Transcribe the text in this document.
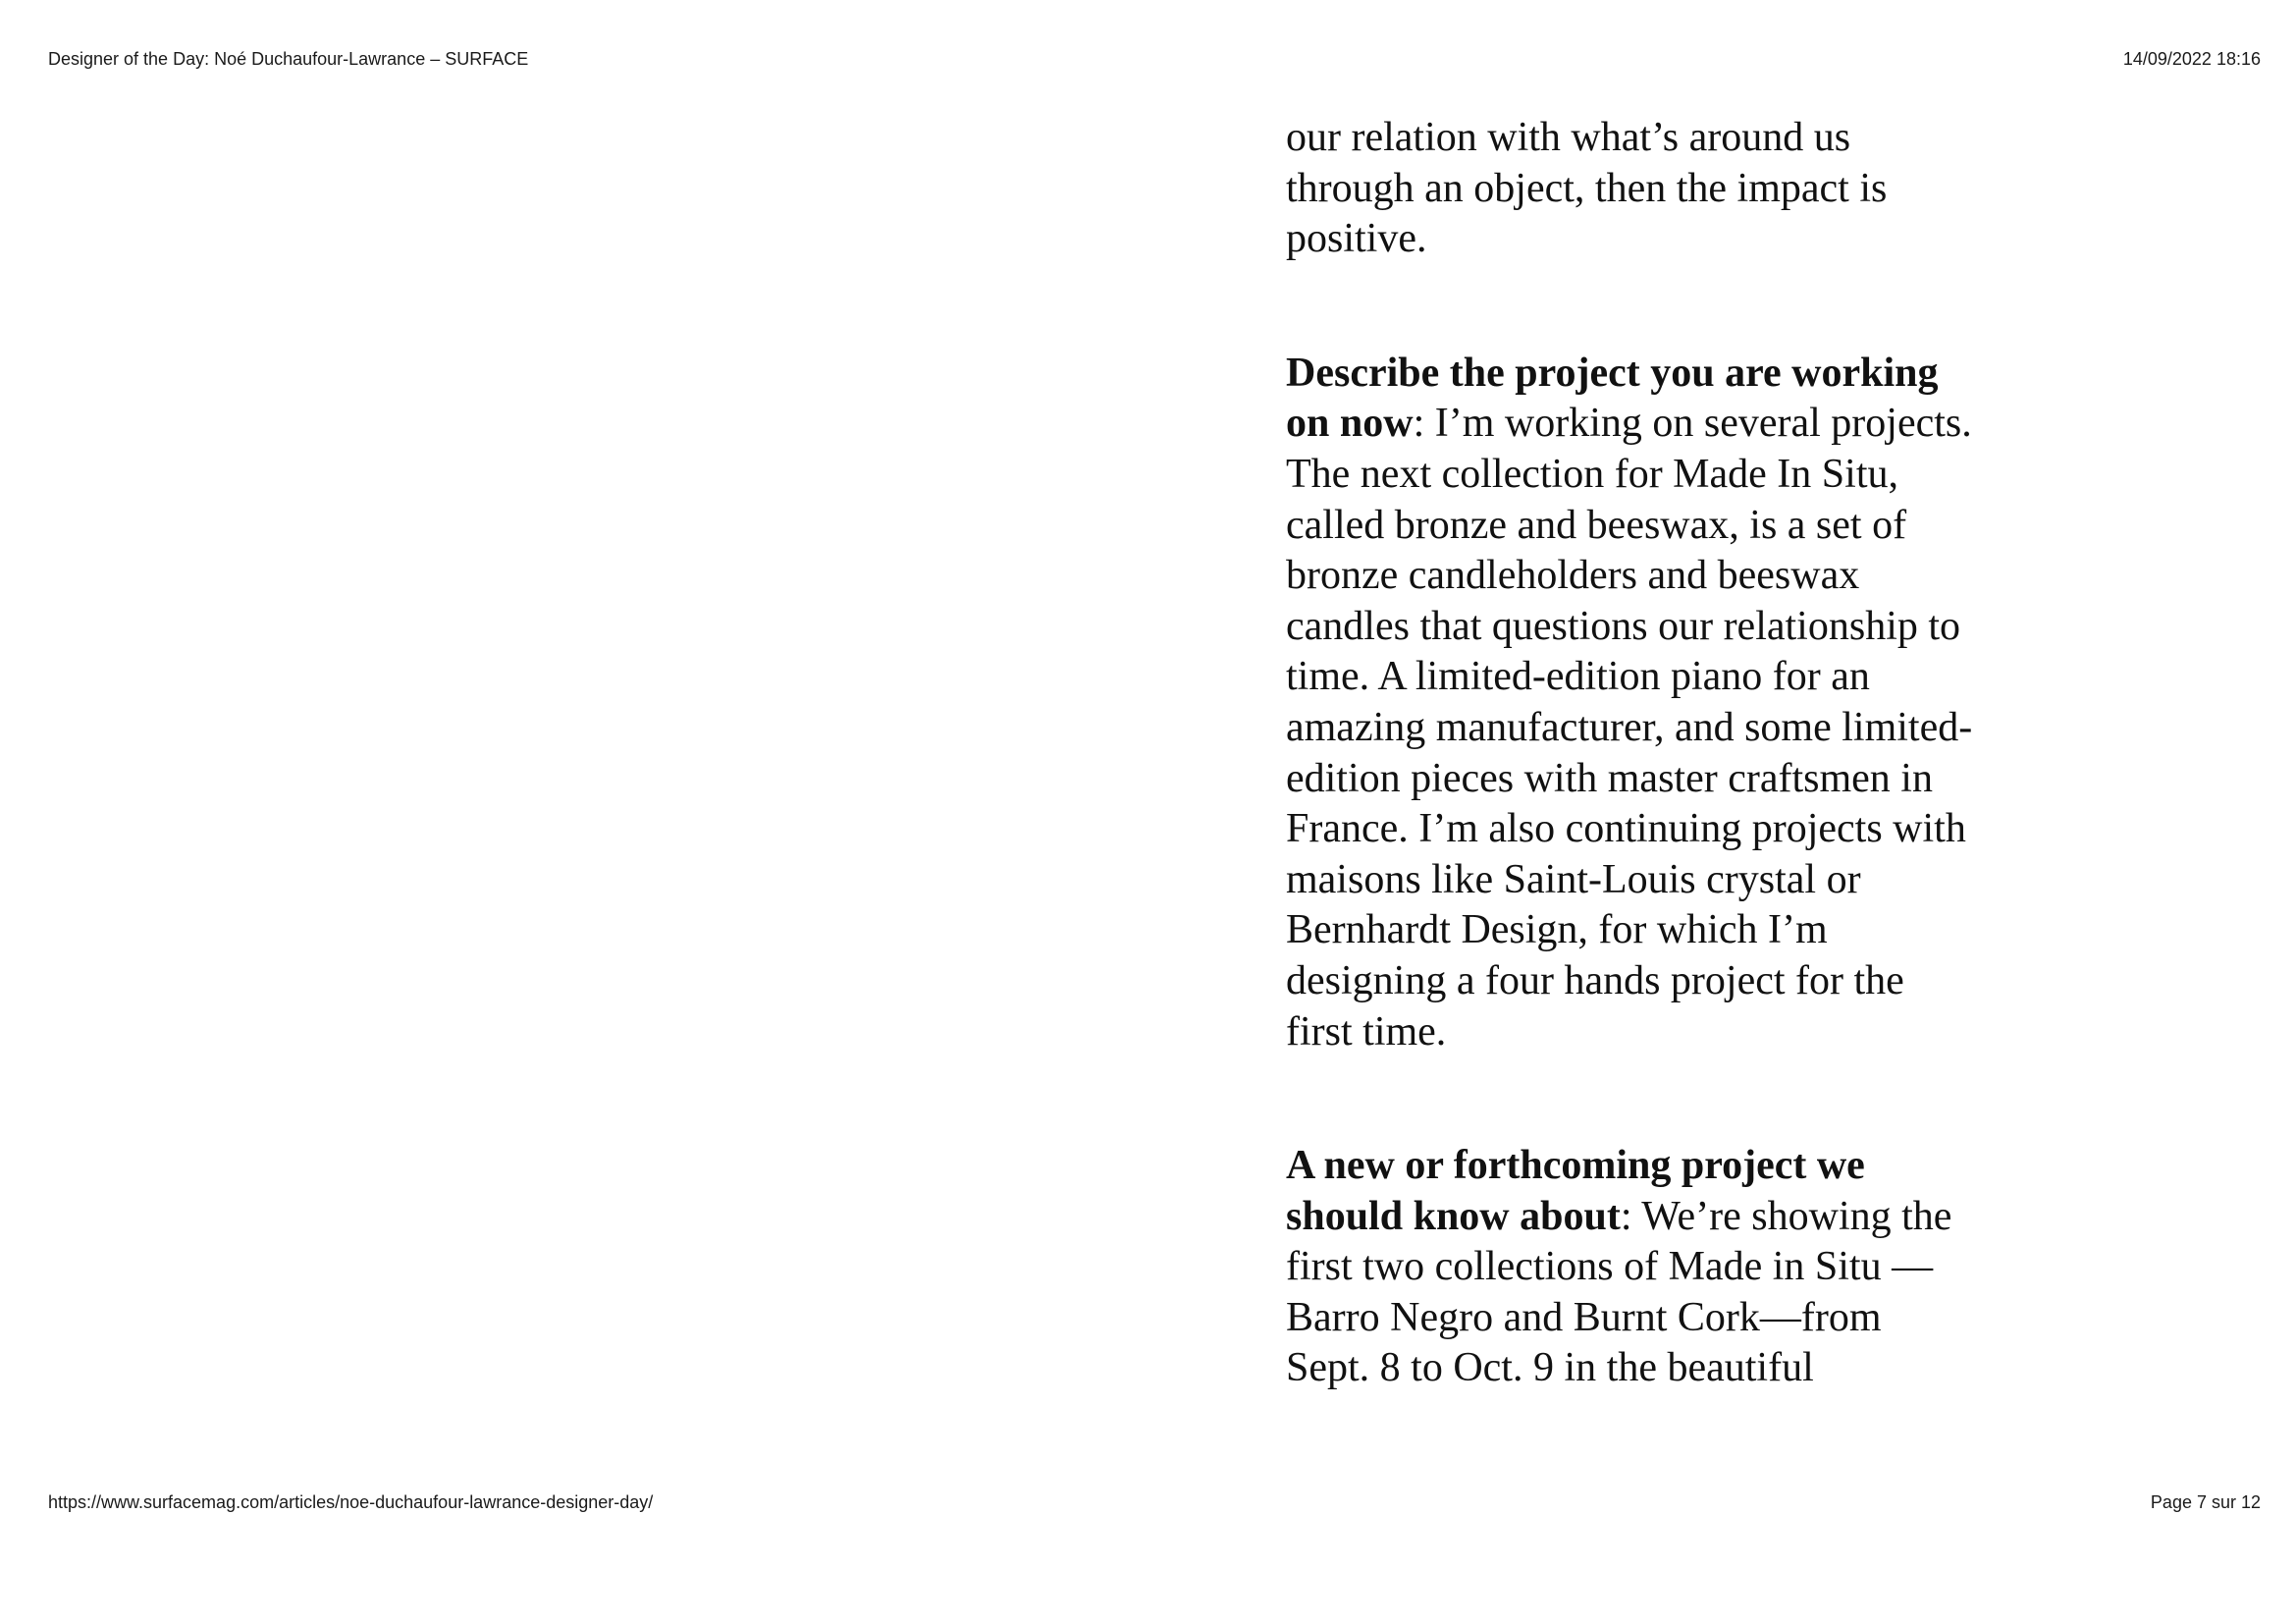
Designer of the Day: Noé Duchaufour-Lawrance – SURFACE	14/09/2022 18:16

our relation with what’s around us through an object, then the impact is positive.

Describe the project you are working on now: I’m working on several projects. The next collection for Made In Situ, called bronze and beeswax, is a set of bronze candleholders and beeswax candles that questions our relationship to time. A limited-edition piano for an amazing manufacturer, and some limited-edition pieces with master craftsmen in France. I’m also continuing projects with maisons like Saint-Louis crystal or Bernhardt Design, for which I’m designing a four hands project for the first time.

A new or forthcoming project we should know about: We’re showing the first two collections of Made in Situ —Barro Negro and Burnt Cork—from Sept. 8 to Oct. 9 in the beautiful

https://www.surfacemag.com/articles/noe-duchaufour-lawrance-designer-day/	Page 7 sur 12
